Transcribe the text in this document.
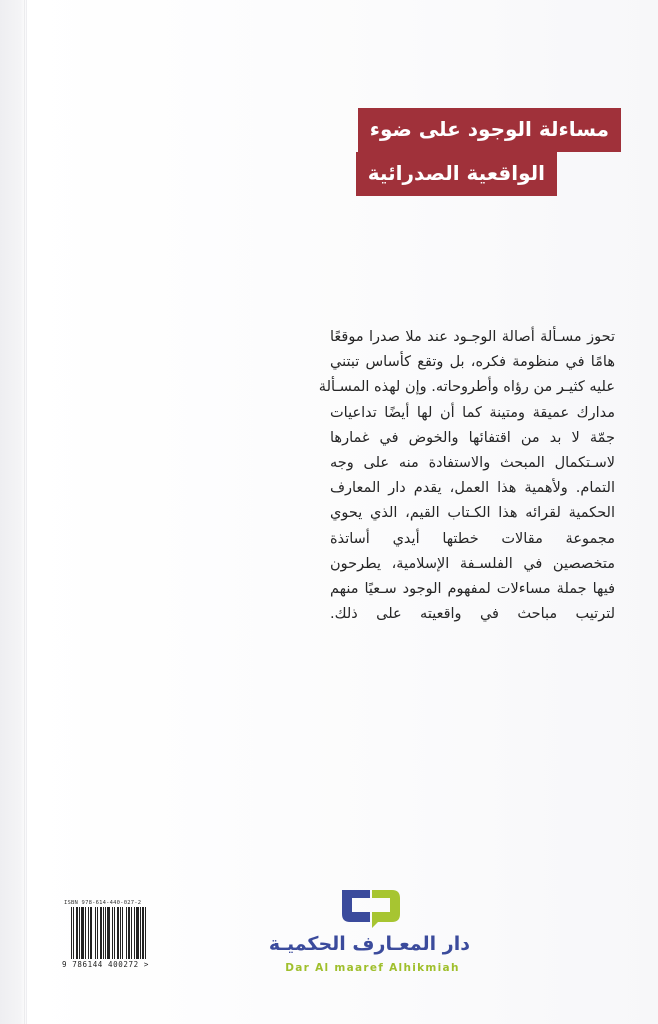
مساءلة الوجود على ضوء
الواقعية الصدرائية
تحوز مسـألة أصالة الوجـود عند ملا صدرا موقعًا
هامًا في منظومة فكره، بل وتقع كأساس تبتني
عليه كثيـر من رؤاه وأطروحاته. وإن لهذه المسـألة
مدارك عميقة ومتينة كما أن لها أيضًا تداعيات
جمّة لا بد من اقتفائها والخوض في غمارها
لاسـتكمال المبحث والاستفادة منه على وجه
التمام. ولأهمية هذا العمل، يقدم دار المعارف
الحكمية لقرائه هذا الكـتاب القيم، الذي يحوي
مجموعة مقالات خطتها أيدي أساتذة
متخصصين في الفلسـفة الإسلامية، يطرحون
فيها جملة مساءلات لمفهوم الوجود سـعيًا منهم
لترتيب مباحث في واقعيته على ذلك.
ISBN 978-614-440-027-2
9 786144 400272 >
دار المعـارف الحكميـة
Dar Al maaref Alhikmiah
